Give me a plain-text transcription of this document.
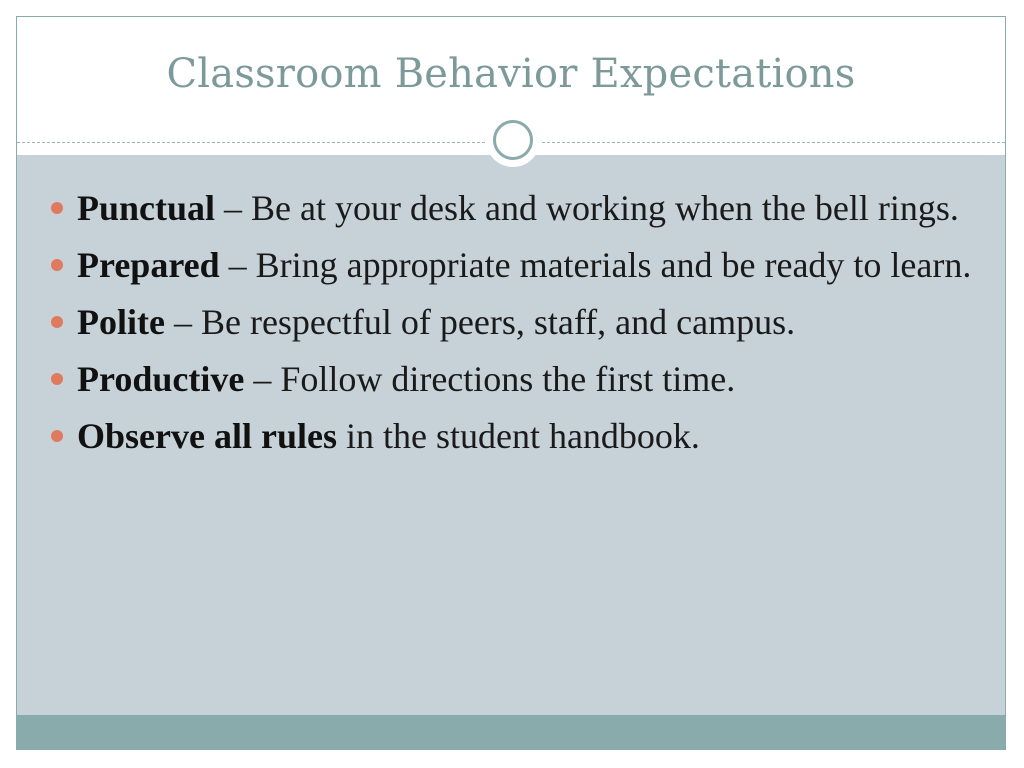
Classroom Behavior Expectations
Punctual – Be at your desk and working when the bell rings.
Prepared – Bring appropriate materials and be ready to learn.
Polite – Be respectful of peers, staff, and campus.
Productive – Follow directions the first time.
Observe all rules in the student handbook.
